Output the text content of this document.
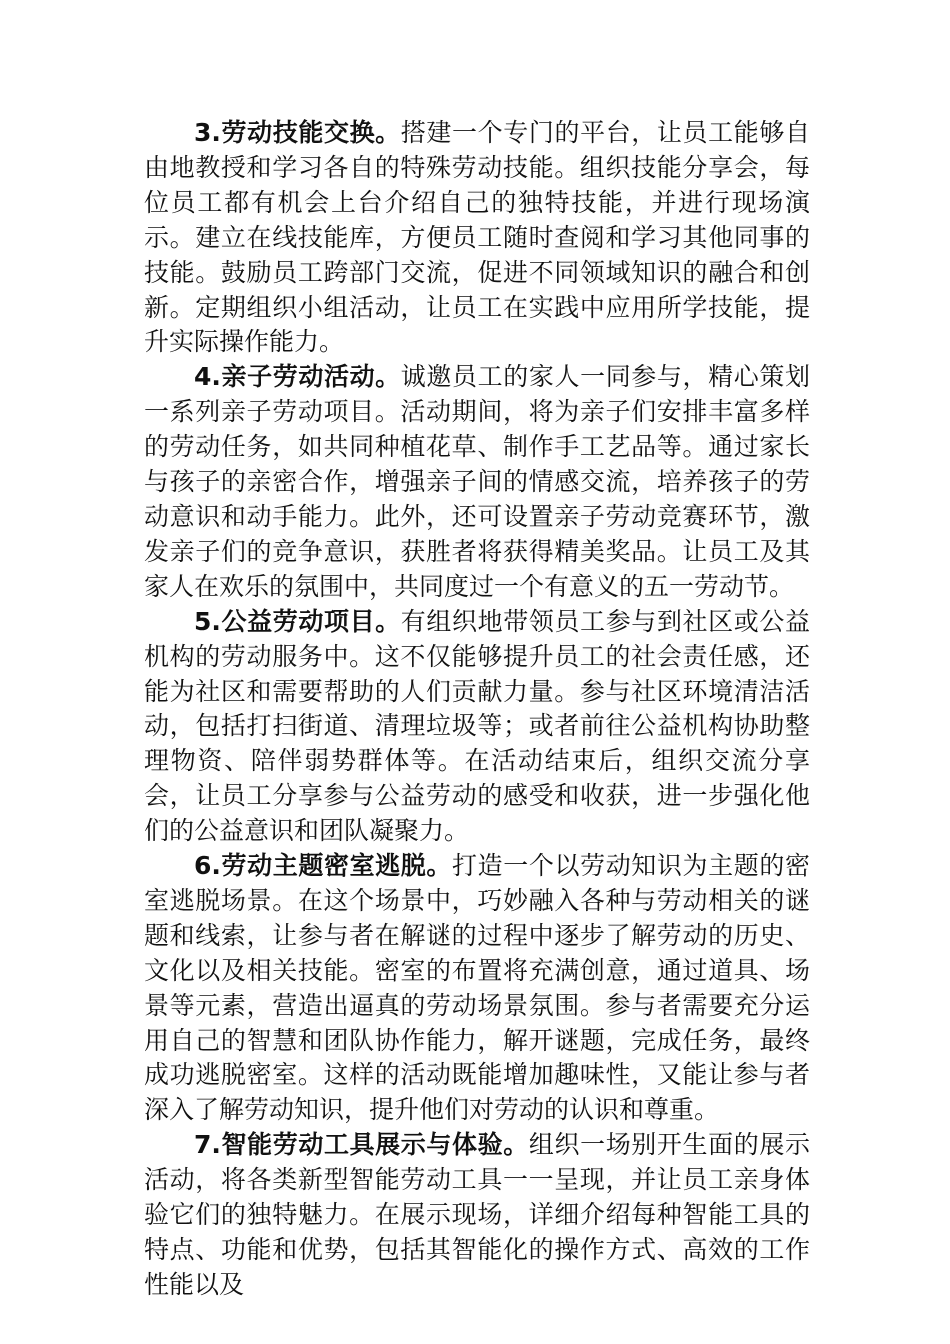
3.劳动技能交换。搭建一个专门的平台，让员工能够自由地教授和学习各自的特殊劳动技能。组织技能分享会，每位员工都有机会上台介绍自己的独特技能，并进行现场演示。建立在线技能库，方便员工随时查阅和学习其他同事的技能。鼓励员工跨部门交流，促进不同领域知识的融合和创新。定期组织小组活动，让员工在实践中应用所学技能，提升实际操作能力。

4.亲子劳动活动。诚邀员工的家人一同参与，精心策划一系列亲子劳动项目。活动期间，将为亲子们安排丰富多样的劳动任务，如共同种植花草、制作手工艺品等。通过家长与孩子的亲密合作，增强亲子间的情感交流，培养孩子的劳动意识和动手能力。此外，还可设置亲子劳动竞赛环节，激发亲子们的竞争意识，获胜者将获得精美奖品。让员工及其家人在欢乐的氛围中，共同度过一个有意义的五一劳动节。

5.公益劳动项目。有组织地带领员工参与到社区或公益机构的劳动服务中。这不仅能够提升员工的社会责任感，还能为社区和需要帮助的人们贡献力量。参与社区环境清洁活动，包括打扫街道、清理垃圾等；或者前往公益机构协助整理物资、陪伴弱势群体等。在活动结束后，组织交流分享会，让员工分享参与公益劳动的感受和收获，进一步强化他们的公益意识和团队凝聚力。

6.劳动主题密室逃脱。打造一个以劳动知识为主题的密室逃脱场景。在这个场景中，巧妙融入各种与劳动相关的谜题和线索，让参与者在解谜的过程中逐步了解劳动的历史、文化以及相关技能。密室的布置将充满创意，通过道具、场景等元素，营造出逼真的劳动场景氛围。参与者需要充分运用自己的智慧和团队协作能力，解开谜题，完成任务，最终成功逃脱密室。这样的活动既能增加趣味性，又能让参与者深入了解劳动知识，提升他们对劳动的认识和尊重。

7.智能劳动工具展示与体验。组织一场别开生面的展示活动，将各类新型智能劳动工具一一呈现，并让员工亲身体验它们的独特魅力。在展示现场，详细介绍每种智能工具的特点、功能和优势，包括其智能化的操作方式、高效的工作性能以及
